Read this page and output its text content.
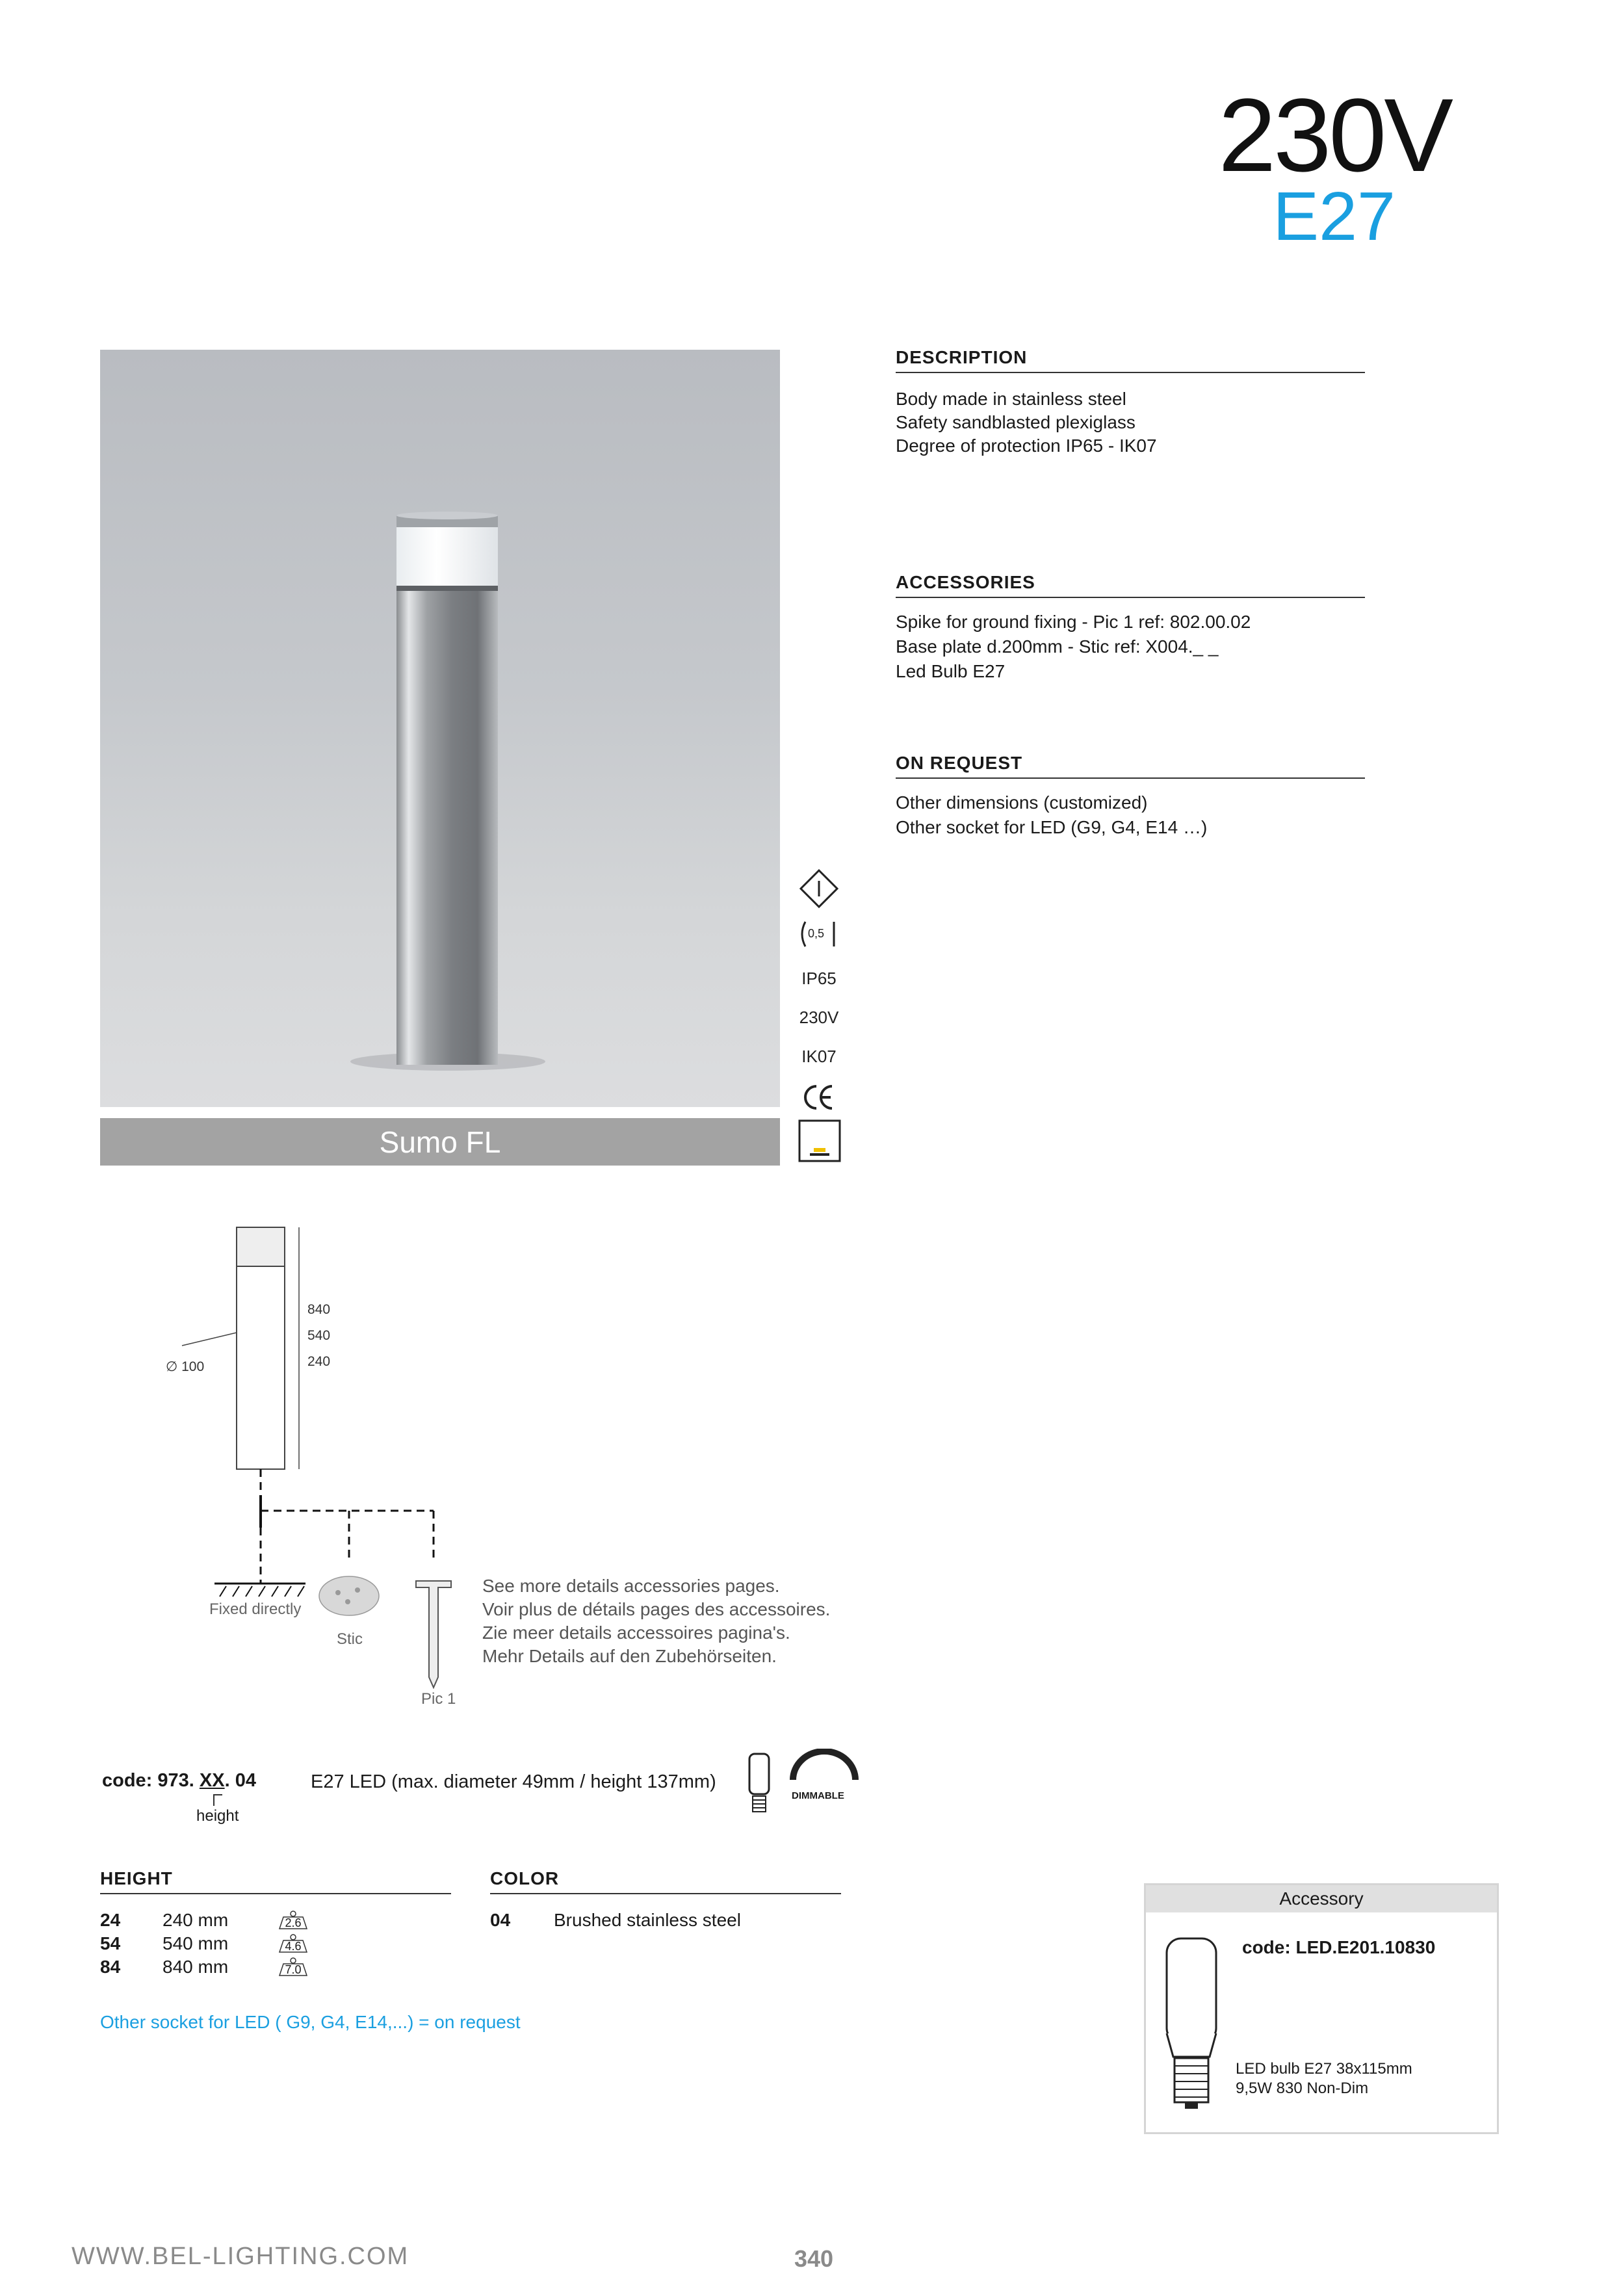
230V
E27
Sumo FL
0,5
IP65
230V
IK07
DESCRIPTION
Body made in stainless steel
Safety sandblasted plexiglass
Degree of protection IP65 - IK07
ACCESSORIES
Spike for ground fixing - Pic 1 ref: 802.00.02
Base plate d.200mm - Stic ref: X004._ _
Led Bulb E27
ON REQUEST
Other dimensions (customized)
Other socket for LED (G9, G4, E14 …)
840
540
240
∅ 100
Fixed directly
Stic
Pic 1
See more details accessories pages.
Voir plus de détails pages des accessoires.
Zie meer details accessoires pagina's.
Mehr Details auf den Zubehörseiten.
code: 973. XX. 04
height
E27 LED (max. diameter 49mm / height 137mm)
DIMMABLE
HEIGHT
24	240 mm	2.6
54	540 mm	4.6
84	840 mm	7.0
COLOR
04	Brushed stainless steel
Other socket for LED ( G9, G4, E14,...) = on request
Accessory
code: LED.E201.10830
LED bulb E27 38x115mm
9,5W 830 Non-Dim
WWW.BEL-LIGHTING.COM	340
